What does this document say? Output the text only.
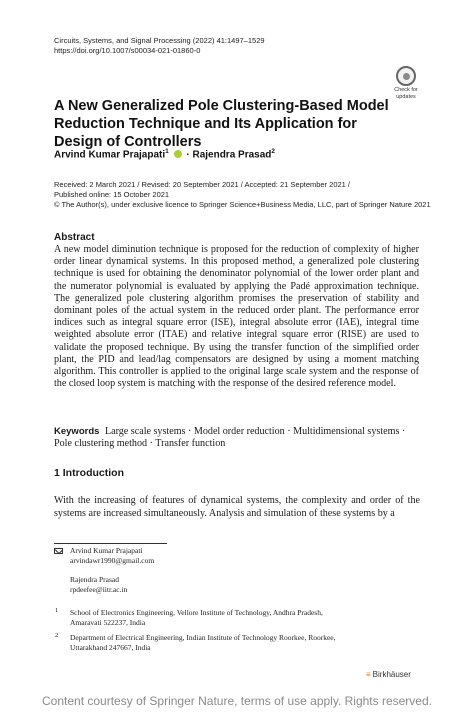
Circuits, Systems, and Signal Processing (2022) 41:1497–1529
https://doi.org/10.1007/s00034-021-01860-0
Check for
updates
A New Generalized Pole Clustering-Based Model Reduction Technique and Its Application for Design of Controllers
Arvind Kumar Prajapati$^1$ · Rajendra Prasad$^2$
Received: 2 March 2021 / Revised: 20 September 2021 / Accepted: 21 September 2021 /
Published online: 15 October 2021
© The Author(s), under exclusive licence to Springer Science+Business Media, LLC, part of Springer Nature 2021
Abstract
A new model diminution technique is proposed for the reduction of complexity of higher order linear dynamical systems. In this proposed method, a generalized pole clustering technique is used for obtaining the denominator polynomial of the lower order plant and the numerator polynomial is evaluated by applying the Padé approximation technique. The generalized pole clustering algorithm promises the preservation of stability and dominant poles of the actual system in the reduced order plant. The performance error indices such as integral square error (ISE), integral absolute error (IAE), integral time weighted absolute error (ITAE) and relative integral square error (RISE) are used to validate the proposed technique. By using the transfer function of the simplified order plant, the PID and lead/lag compensators are designed by using a moment matching algorithm. This controller is applied to the original large scale system and the response of the closed loop system is matching with the response of the desired reference model.
Keywords Large scale systems · Model order reduction · Multidimensional systems · Pole clustering method · Transfer function
1 Introduction
With the increasing of features of dynamical systems, the complexity and order of the systems are increased simultaneously. Analysis and simulation of these systems by a
Arvind Kumar Prajapati
arvindawr1990@gmail.com
Rajendra Prasad
rpdeefee@iitr.ac.in
1 School of Electronics Engineering, Vellore Institute of Technology, Andhra Pradesh,
Amaravati 522237, India
2 Department of Electrical Engineering, Indian Institute of Technology Roorkee, Roorkee,
Uttarakhand 247667, India
≡ Birkhäuser
Content courtesy of Springer Nature, terms of use apply. Rights reserved.
